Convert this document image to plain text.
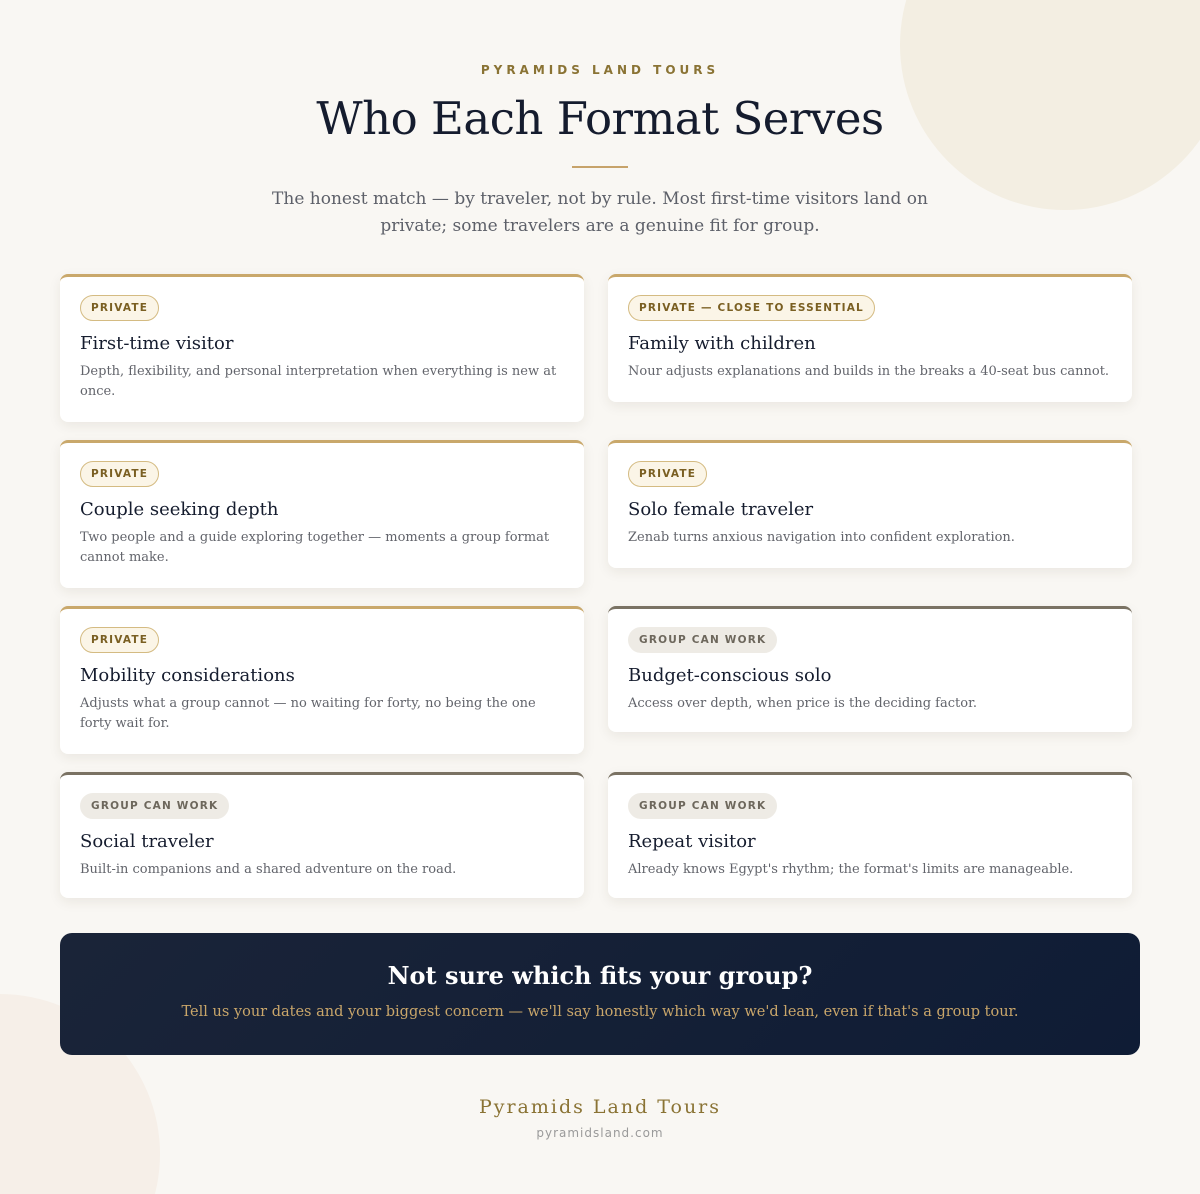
PYRAMIDS LAND TOURS
Who Each Format Serves

The honest match — by traveler, not by rule. Most first-time visitors land on private; some travelers are a genuine fit for group.

PRIVATE
First-time visitor

Depth, flexibility, and personal interpretation when everything is new at once.

PRIVATE
Couple seeking depth

Two people and a guide exploring together — moments a group format cannot make.

PRIVATE
Mobility considerations

Adjusts what a group cannot — no waiting for forty, no being the one forty wait for.

GROUP CAN WORK
Social traveler

Built-in companions and a shared adventure on the road.

PRIVATE — CLOSE TO ESSENTIAL
Family with children

Nour adjusts explanations and builds in the breaks a 40-seat bus cannot.

PRIVATE
Solo female traveler

Zenab turns anxious navigation into confident exploration.

GROUP CAN WORK
Budget-conscious solo

Access over depth, when price is the deciding factor.

GROUP CAN WORK
Repeat visitor

Already knows Egypt's rhythm; the format's limits are manageable.

Not sure which fits your group?

Tell us your dates and your biggest concern — we'll say honestly which way we'd lean, even if that's a group tour.

Pyramids Land Tours
pyramidsland.com
